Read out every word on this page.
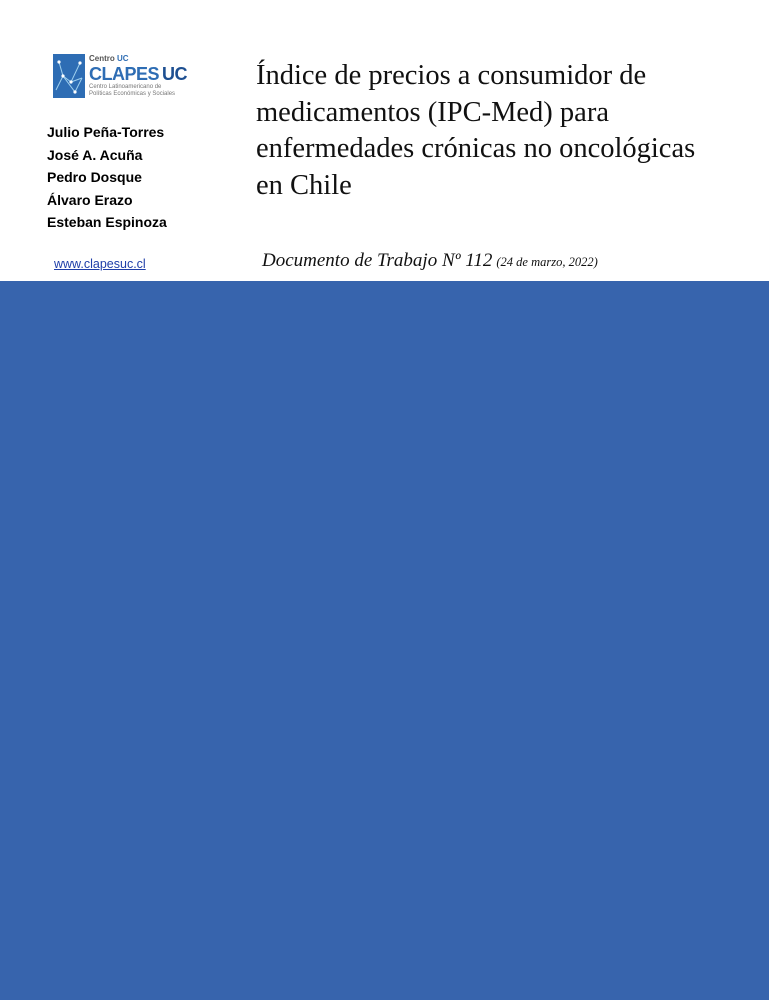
Centro UC
CLAPES UC
Centro Latinoamericano de
Políticas Económicas y Sociales
Julio Peña-Torres
José A. Acuña
Pedro Dosque
Álvaro Erazo
Esteban Espinoza
Índice de precios a consumidor de
medicamentos (IPC-Med) para
enfermedades crónicas no oncológicas
en Chile
www.clapesuc.cl	Documento de Trabajo Nº 112 (24 de marzo, 2022)
